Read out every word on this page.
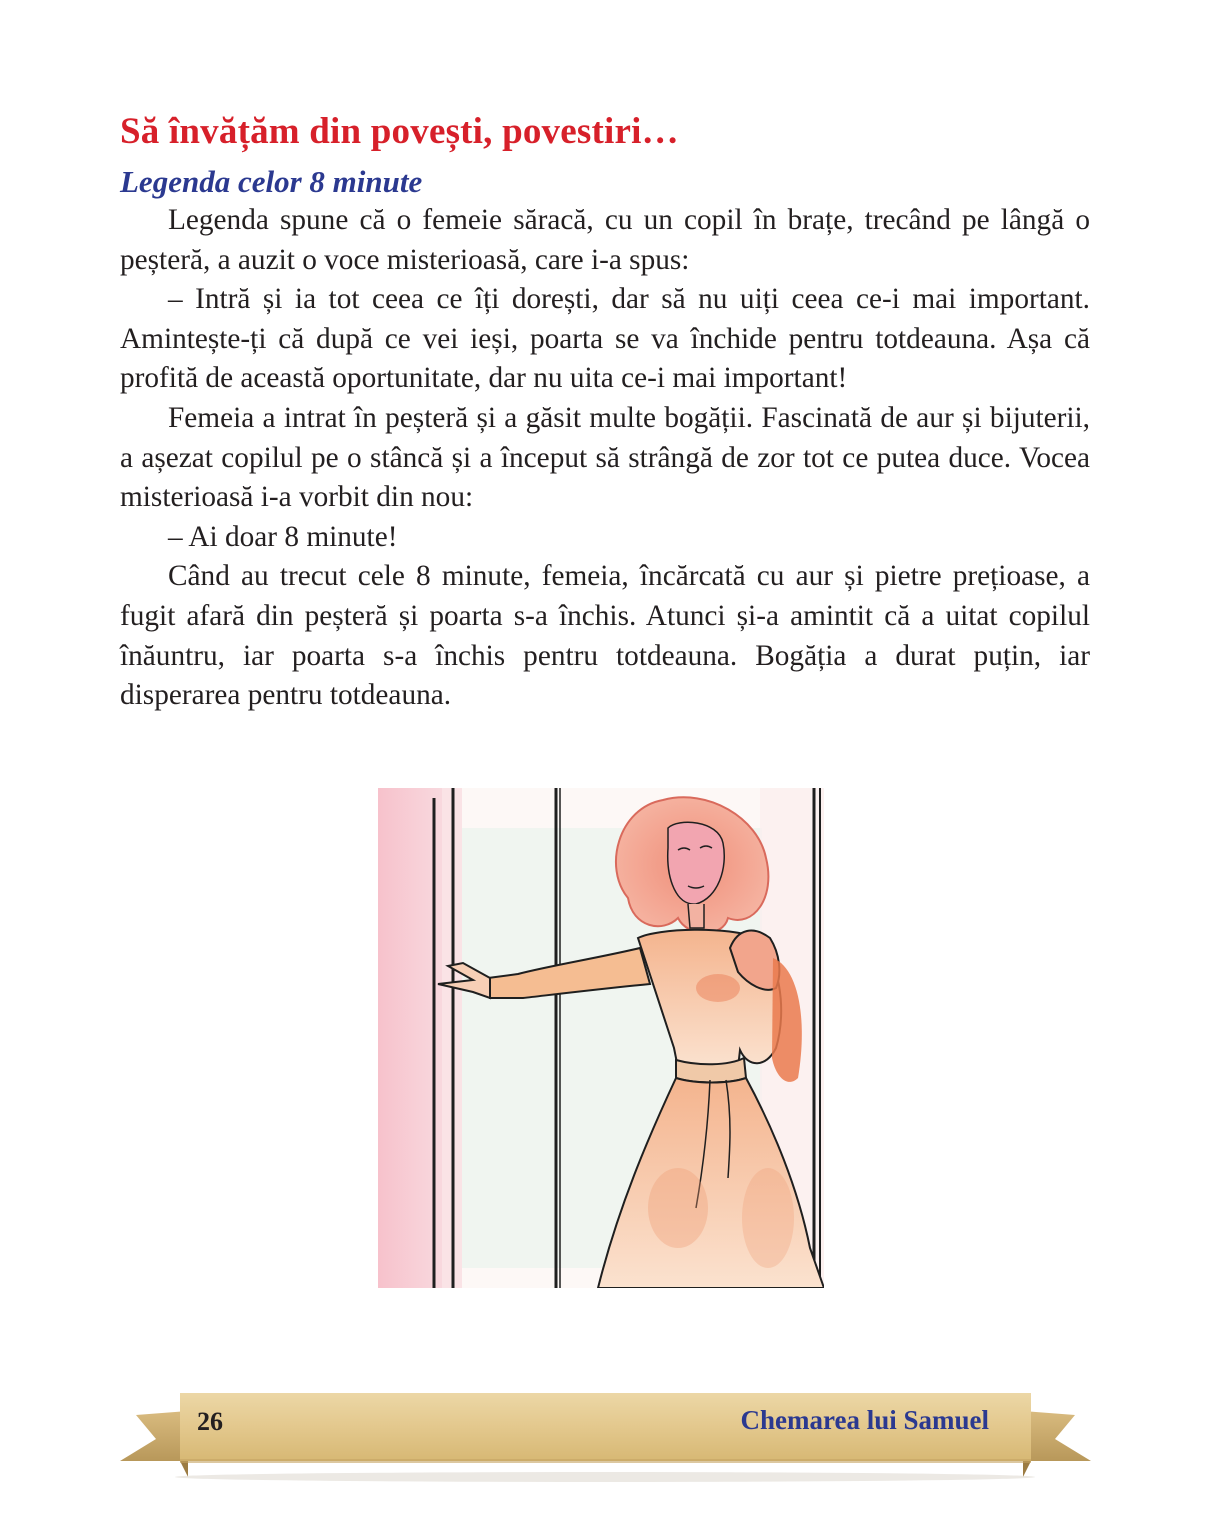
Să învățăm din povești, povestiri…
Legenda celor 8 minute

Legenda spune că o femeie săracă, cu un copil în brațe, trecând pe lângă o peșteră, a auzit o voce misterioasă, care i-a spus:

– Intră și ia tot ceea ce îți dorești, dar să nu uiți ceea ce-i mai important. Amintește-ți că după ce vei ieși, poarta se va închide pentru totdeauna. Așa că profită de această oportunitate, dar nu uita ce-i mai important!

Femeia a intrat în peșteră și a găsit multe bogății. Fascinată de aur și bijuterii, a așezat copilul pe o stâncă și a început să strângă de zor tot ce putea duce. Vocea misterioasă i-a vorbit din nou:

– Ai doar 8 minute!

Când au trecut cele 8 minute, femeia, încărcată cu aur și pietre prețioase, a fugit afară din peșteră și poarta s-a închis. Atunci și-a amintit că a uitat copilul înăuntru, iar poarta s-a închis pentru totdeauna. Bogăția a durat puțin, iar disperarea pentru totdeauna.

26	Chemarea lui Samuel
